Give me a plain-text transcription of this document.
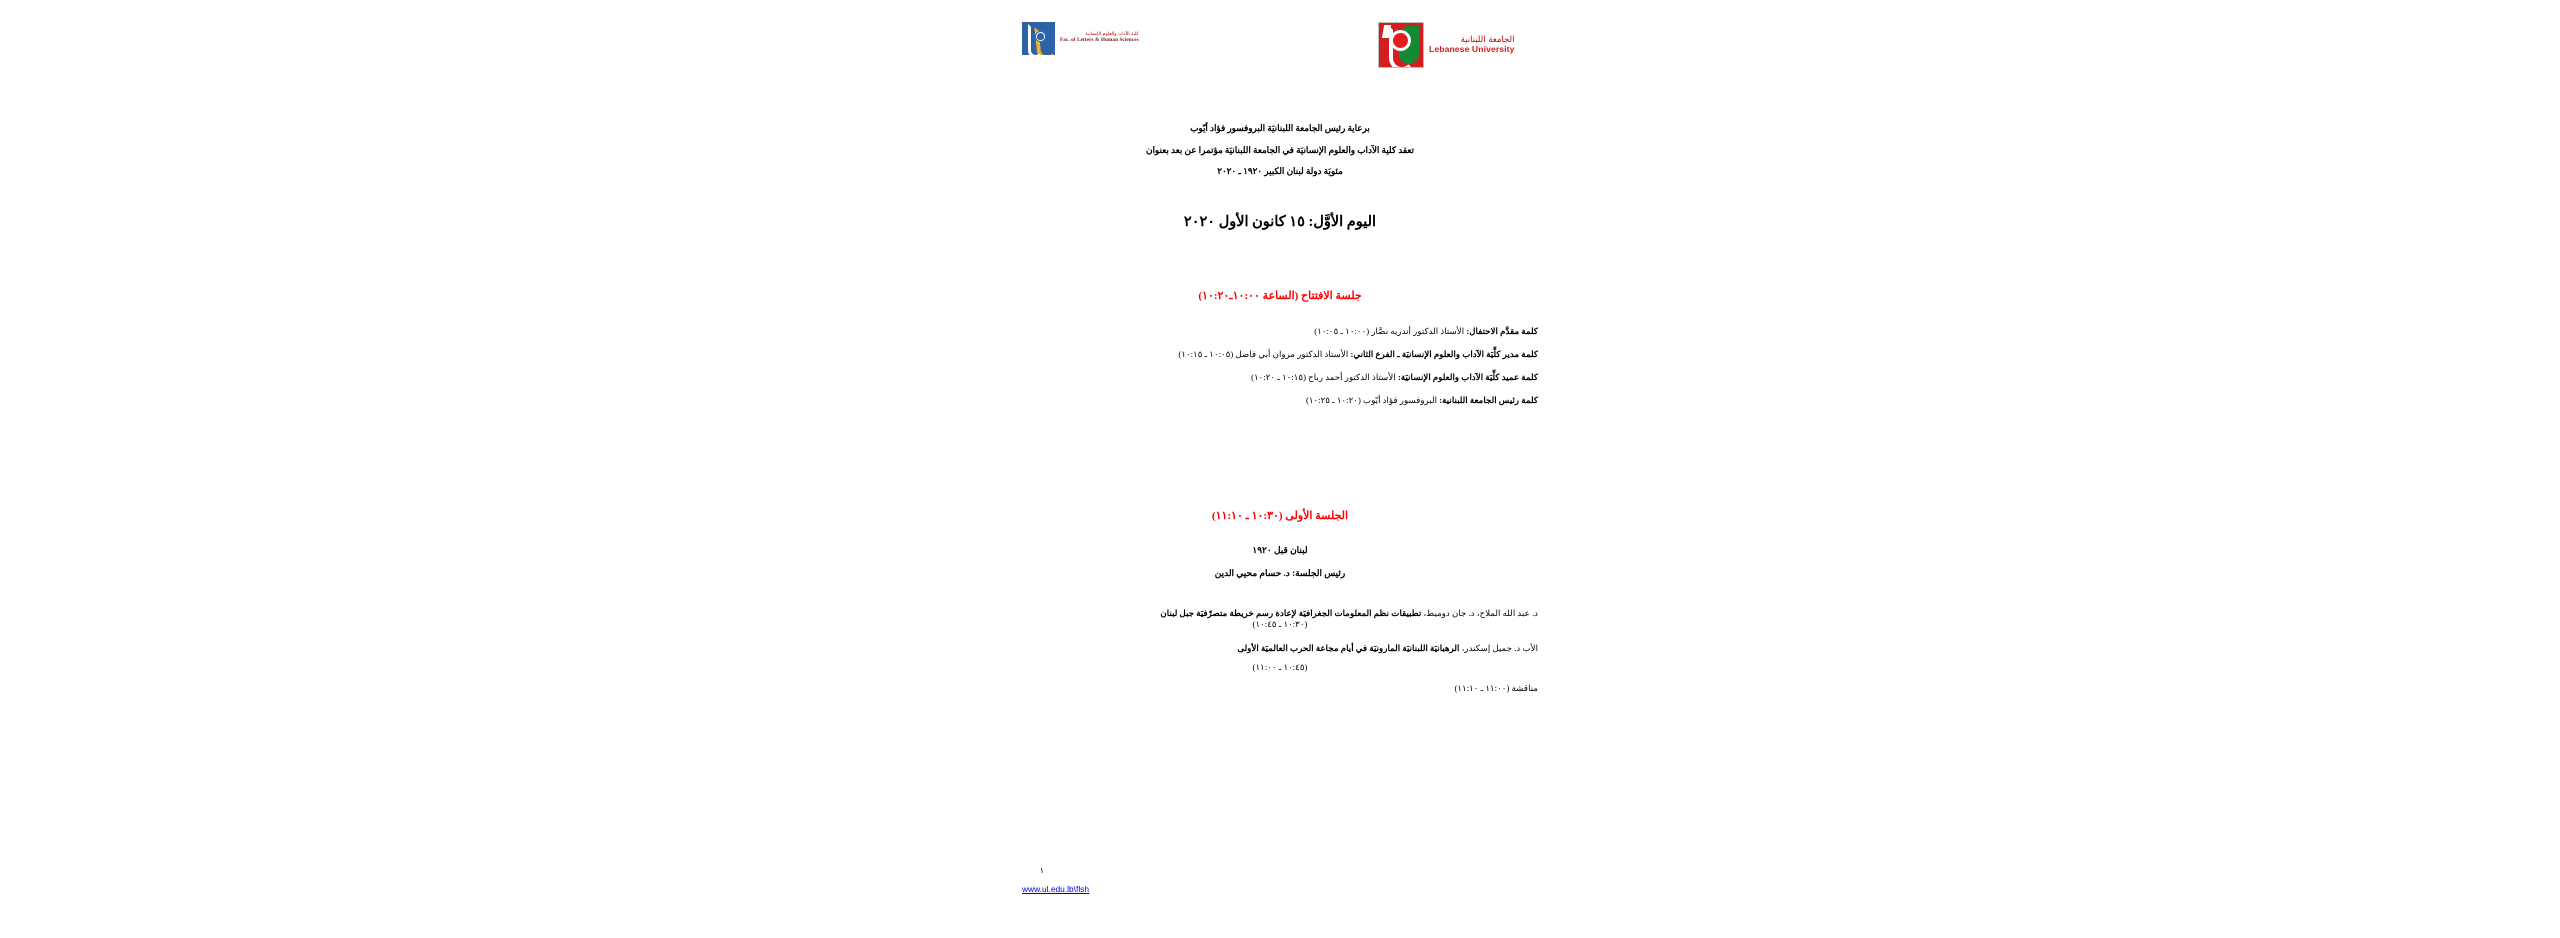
كلية الآداب والعلوم الإنسانية
Fac. of Letters & Human Sciences	الجامعة اللبنانية
Lebanese University
برعاية رئيس الجامعة اللبنانيَة البروفسور فؤاد أيّوب
تعقد كلية الآداب والعلوم الإنسانيَة في الجامعة اللبنانيَة مؤتمرا عن بعد بعنوان
مئويَة دولة لبنان الكبير ١٩٢٠ ـ ٢٠٢٠
اليوم الأوَّل: ١٥ كانون الأول ٢٠٢٠
جلسة الافتتاح (الساعة ١٠:٠٠ـ١٠:٢٠)
كلمة مقدَّم الاحتفال: الأستاذ الدكتور أندريه نصَّار (١٠:٠٠ ـ ١٠:٠٥)
كلمة مدير كلِّيَة الآداب والعلوم الإنسانيَة ـ الفرع الثاني: الأستاذ الدكتور مروان أبي فاضل (١٠:٠٥ ـ ١٠:١٥)
كلمة عميد كلِّيَة الآداب والعلوم الإنسانيَة: الأستاذ الدكتور أحمد رباح (١٠:١٥ ـ ١٠:٢٠)
كلمة رئيس الجامعة اللبنانية: البروفسور فؤاد أيّوب (١٠:٢٠ ـ ١٠:٢٥)
الجلسة الأولى (١٠:٣٠ ـ ١١:١٠)
لبنان قبل ١٩٢٠
رئيس الجلسة: د. حسام محيي الدين
د. عبد الله الملاح، د. جان دوميط، تطبيقات نظم المعلومات الجغرافيَة لإعادة رسم خريطة متصرّفيَة جبل لبنان
(١٠:٣٠ ـ ١٠:٤٥)
الأب د. جميل إسكندر، الرهبانيَة اللبنانيَة المارونيَة في أيام مجاعة الحرب العالميَة الأولى
(١٠:٤٥ ـ ١١:٠٠)
مناقشة (١١:٠٠ ـ ١١:١٠)
١
www.ul.edu.lb\flsh
